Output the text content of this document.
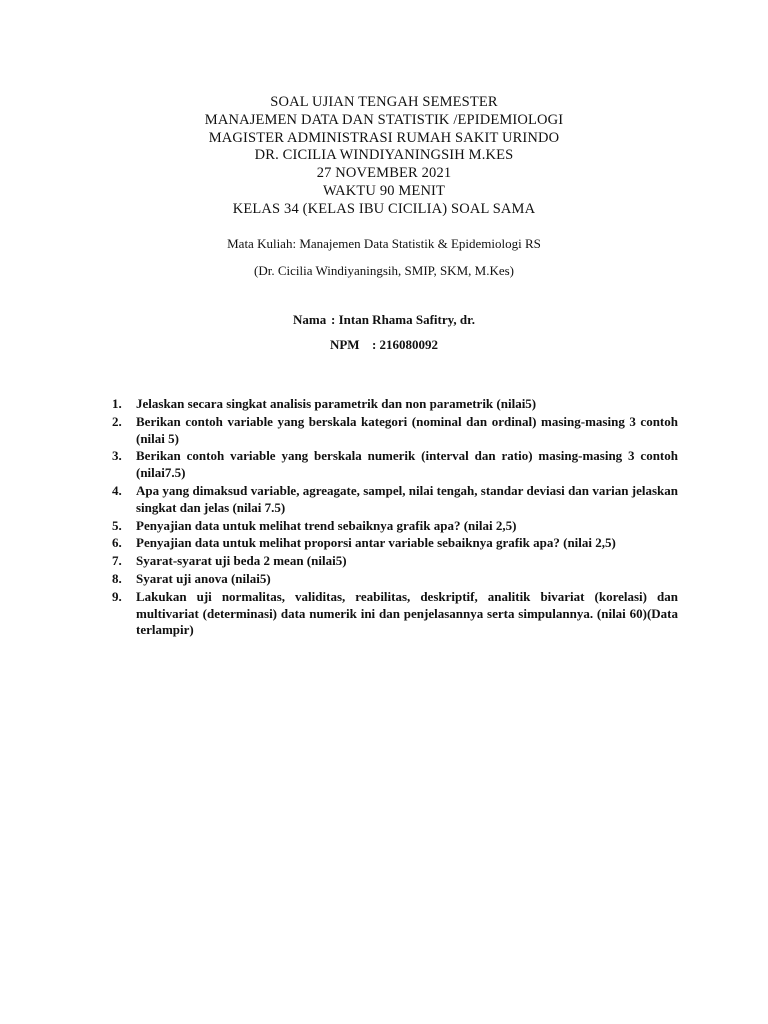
SOAL UJIAN TENGAH SEMESTER
MANAJEMEN DATA DAN STATISTIK /EPIDEMIOLOGI
MAGISTER ADMINISTRASI RUMAH SAKIT URINDO
DR. CICILIA WINDIYANINGSIH M.KES
27 NOVEMBER 2021
WAKTU 90 MENIT
KELAS 34 (KELAS IBU CICILIA) SOAL SAMA
Mata Kuliah: Manajemen Data Statistik & Epidemiologi RS
(Dr. Cicilia Windiyaningsih, SMIP, SKM, M.Kes)
Nama : Intan Rhama Safitry, dr.
NPM : 216080092
1.	Jelaskan secara singkat analisis parametrik dan non parametrik (nilai5)
2.	Berikan contoh variable yang berskala kategori (nominal dan ordinal) masing-masing 3 contoh (nilai 5)
3.	Berikan contoh variable yang berskala numerik (interval dan ratio) masing-masing 3 contoh (nilai7.5)
4.	Apa yang dimaksud variable, agreagate, sampel, nilai tengah, standar deviasi dan varian jelaskan singkat dan jelas (nilai 7.5)
5.	Penyajian data untuk melihat trend sebaiknya grafik apa? (nilai 2,5)
6.	Penyajian data untuk melihat proporsi antar variable sebaiknya grafik apa? (nilai 2,5)
7.	Syarat-syarat uji beda 2 mean (nilai5)
8.	Syarat uji anova (nilai5)
9.	Lakukan uji normalitas, validitas, reabilitas, deskriptif, analitik bivariat (korelasi) dan multivariat (determinasi) data numerik ini dan penjelasannya serta simpulannya. (nilai 60)(Data terlampir)
